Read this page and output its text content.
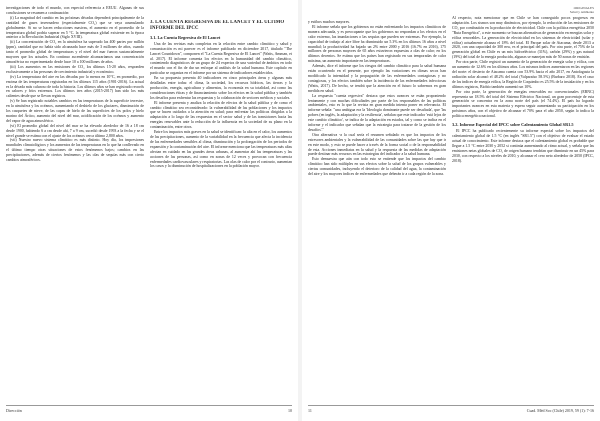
investigaciones de todo el mundo, con especial referencia a EEUU. Algunas de sus conclusiones se resumen a continuación:

(i) La magnitud del cambio en las próximas décadas dependerá principalmente de la cantidad de gases invernadero (especialmente CO₂) que se vaya acumulando globalmente. Si no se hacen reducciones masivas, el aumento en el promedio de la temperatura global podría superar en 5 °C. la temperatura global existente en la época anterior a la Revolución Industrial (Siglo XVIII).

(ii) La concentración de CO₂ en la atmósfera ha superado las 400 partes por millón (ppm), cantidad que no había sido alcanzada hace más de 3 millones de años, cuando tanto el promedio global de temperaturas y el nivel del mar fueron sustancialmente mayores que los actuales. En continuo ascendente alcanzaríamos una concentración atmosférica no experimentado desde hace 10 a 100 millones de años.

(iii) Los aumentos en las emisiones de CO₂ los últimos 15-20 años, responden exclusivamente a las personas de crecimiento industrial y económico.

(iv) La temperatura del aire en las décadas por lo menos en 10°C, en promedio, por encima de las temperaturas registradas en los últimos 115 años (1901-2016). La actual es la década más caluroso de toda la historia. Los últimos años se han registrado records en calores y fríos extremos. Los últimos tres años (2015-2017) han sido los más calientes desde que se llevan registros.

(v) Se han registrado notables cambios en las temperaturas de la superficie terrestre, en la atmósfera y los océanos, aumentando el deshielo de los glaciares, disminución de los casquetes de nieve, de las capas de hielo de las superficies de los polos y hielo marino del Ártico, aumento del nivel del mar, acidificación de los océanos y aumento del vapor de agua atmosférico.

(vi) El promedio global del nivel del mar se ha elevado alrededor de 16 a 18 cm desde 1900, habiendo 6 a cm desde ahí, 7 a 9 cm, sucedió desde 1993 a la fecha y se el nivel grande se estima con el ajuste de los océanos cerca último 2,800 años.

(vii) Nuestro nuevo sistema climático es más distinto. Hoy día, los impresiones mundiales climatológicos y los aumentos de las temperaturas en lo que ha conllevado en el último tiempo otras situaciones de estos fenómenos bajos; cambios en las precipitaciones, además de ciertos fenómenos y las olas de sequías más con cierto cambios atmosféricos.

3. LA CUENTA REGRESIVA DE EL LANCET Y EL ÚLTIMO INFORME DEL IPCC
3.1. La Cuenta Regresiva de El Lancet

Una de las revistas más completas en la relación entre cambio climático y salud y comunicación es mi parecer es el informe publicado en diciembre 2017, titulado "The Lancet Countdown", componen el "La Cuenta Regresiva de El Lancet" (Watts, Amman, et al. 2017). El informe comenta los efectos en la humanidad del cambio climático, conteniendo diagnósticos de un grupo de 24 expertos de una variedad de ámbitos en todo el mundo con el fin de dar un enfoque al análisis de la salud humana. Este capítulo en particular se organiza en el informe por un sistema de indicadores establecidos.

En su propuesta presenta 40 indicadores en cinco principales áreas y algunas más detalladas entre todas: el clima, la sociedad, los recursos hídricos, las tierras y la producción, energía, agricultura y alimentos, la economía en su totalidad, así como las consideraciones éticas y de financiamiento sobre los efectos en la salud pública y también los desafíos para enfrentar las respuestas y la colaboración de sectores médicos y sociales.

El informe presenta y analiza la relación de efectos de la salud pública y de como el cambio climático sea reconsiderado: la vulnerabilidad de las poblaciones y los impactos que se hacen cuidados a la atención en salud; para enfrentar las políticas dirigidas a la adaptación a lo largo de las respuestas en el sector salud y de las transiciones hacia las energías renovables ante la reducción de la influencia en la sociedad de su plano en la contaminación, entre otros.

Entre los impactos más graves en la salud se identifican: la alta en el calor, los aumentos de las precipitaciones, aumento de la variabilidad en la frecuencia que afecta la incidencia de las enfermedades sensibles al clima, disminución y la prolongación de los periodos de expansión y la contaminación del aire. El informe menciona que las temperaturas más altas afectan en cuidado en las grandes áreas urbanas, al aumentar ahí las temperaturas y las acciones de las personas, así como en zonas de 12 veces y provocan con frecuencia enfermedades cardiovasculares y respiratorias. Las olas de calor por el contrario, aumentan los casos y la disminución de hospitalizaciones en la población mayor.

Dirección	10
ORIGINALES
Salud y Ambiente

y estibos muchos mayores.

El informe señala que los gobiernos no están enfrentando los impactos climáticos de manera adecuada, y es preocupante que los gobiernos no respondan a los efectos en el calor extremo, las inundaciones o las sequías que pueden ser extremas. Por ejemplo, la capacidad de trabajo al aire libre ha disminuido un 5.3% en los últimos 16 años a nivel mundial; la productividad ha bajado un 2% entre 2000 y 2016 (16.7% en 2016), 175 millones de personas mayores de 65 años estuvieron expuestas a olas de calor; en los últimos decenios. Se estima que los países han registrado en sus temporadas de calor máxima, un aumento importante en las temperaturas.

Además, dice el informe que los riesgos del cambio climático para la salud humana están ocurriendo en el presente, por ejemplo las variaciones en climas secos han modificado la intensidad y la propagación de las enfermedades contagiosas y no contagiosas, y los efectos también sobre la incidencia de las enfermedades infecciosas (Watts, 2017). De hecho, se tendrá que la atención en el futuro lo sabremos en gran medida en salud.

La respuesta "cuenta regresiva" destaca que estos avances se están proponiendo lentamente y con muchas dificultades por parte de los responsables de las políticas ambientales, esto es lo que la revista en gran medida intenta poner en relevancia. El informe señala: "una ambigua era la 'Ideología dominante puede ser desafiada', que 'las pobres (en inglés, la adaptación y la resiliencia', señalan que este indicador 'está lejos de este cambio climático', se indica de la adaptación en estados, tal y como se indica en el informe y el indicador que señalan que la estrategia para tratarse de la gestión de los desafíos'."

Otra alternativa -a la cual sería el resumen señalado es que los impactos de los estresores ambientales y la vulnerabilidad de las comunidades sobre las que hay que ir en este modo, y esto se puede hacer a través de la forma social o de la responsabilidad de esta. Acciones inmediatas en la salud y la respuesta de las medidas de adaptación puede destinar más recursos en las estrategias del indicador a la salud humana.

Esto demuestra que aún con todo esto se entiende que los impactos del cambio climático han sido múltiples en sus efectos sobre la salud de los grupos vulnerables y ciertas comunidades, incluyendo el deterioro de la calidad del agua, la contaminación del aire y los mayores índices de enfermedades que deberán ir a cada región de la zona.

Al respecto, nota mencionar que en Chile se han conseguido pocos progresos en adaptación. Los sismos son muy dinámicos, por ejemplo, la reducción de las emisiones de CO₂ por combustión en la producción de electricidad. Chile con la política energética 2050 "Ruta Energética", a este momento se buscan alternativas de generación en energías solar y eólica renovables. La generación de electricidad en los sistemas de electricidad (solar y eólica) actualmente alcanza el 18% del total. El Parque solar de Atacama, desde 2013 a 2020, con una capacidad de 300 mw, es el principal del país. Por otra parte, el 75% de la generación global en Chile es un mix hidroeléctrico (31%), carbón (29%) y gas natural (19%) del total de la energía producida, algunas se manejan más de 50 zonas de emisión.

Por otra parte, Chile registró un aumento de la generación de energía solar y eólica, con un aumento de 12.6% en los últimos años. Los mismos índices aumentaron en las regiones del norte: el desierto de Atacama cuenta con 53.9% hacia el año 2017, en Antofagasta la radiación solar alcanzó el 48.2% del total (Valparaíso 58.5%) (Barbaro 2018). En el caso de los índices de energía eólica, la Región de Coquimbo es 25.5% de la instalación y en los últimos registros, Biobío también aumentó un 10%.

Por otra parte, la generación de energías renovables no convencionales (ERNC) representa un 18.5% del total del Sistema Eléctrico Nacional, un gran porcentaje de esta generación se concentra en la zona norte del país (el 74.4%). El país ha logrado importantes avances en esta materia y espera seguir aumentando su participación en los próximos años, con el objetivo de alcanzar el 70% para el año 2050, según lo indica la política energética nacional.

3.2. Informe Especial del IPCC sobre Calentamiento Global SR1.5

El IPCC ha publicado recientemente su informe especial sobre los impactos del calentamiento global de 1.5 °C (en inglés "SR1.5") con el objetivo de evaluar el estado actual de conocimiento. Este informe destaca que el calentamiento global es probable que llegue a 1.5 °C entre 2030 y 2052 si continúa aumentando al ritmo actual, y señala que las emisiones netas globales de CO₂ de origen humano tendrían que disminuir en un 45% para 2030, con respecto a los niveles de 2010, y alcanzar el cero neto alrededor de 2050 (IPCC, 2018).

11	Cuad. Méd Soc (Chile) 2019, 59 (1): 7-16
